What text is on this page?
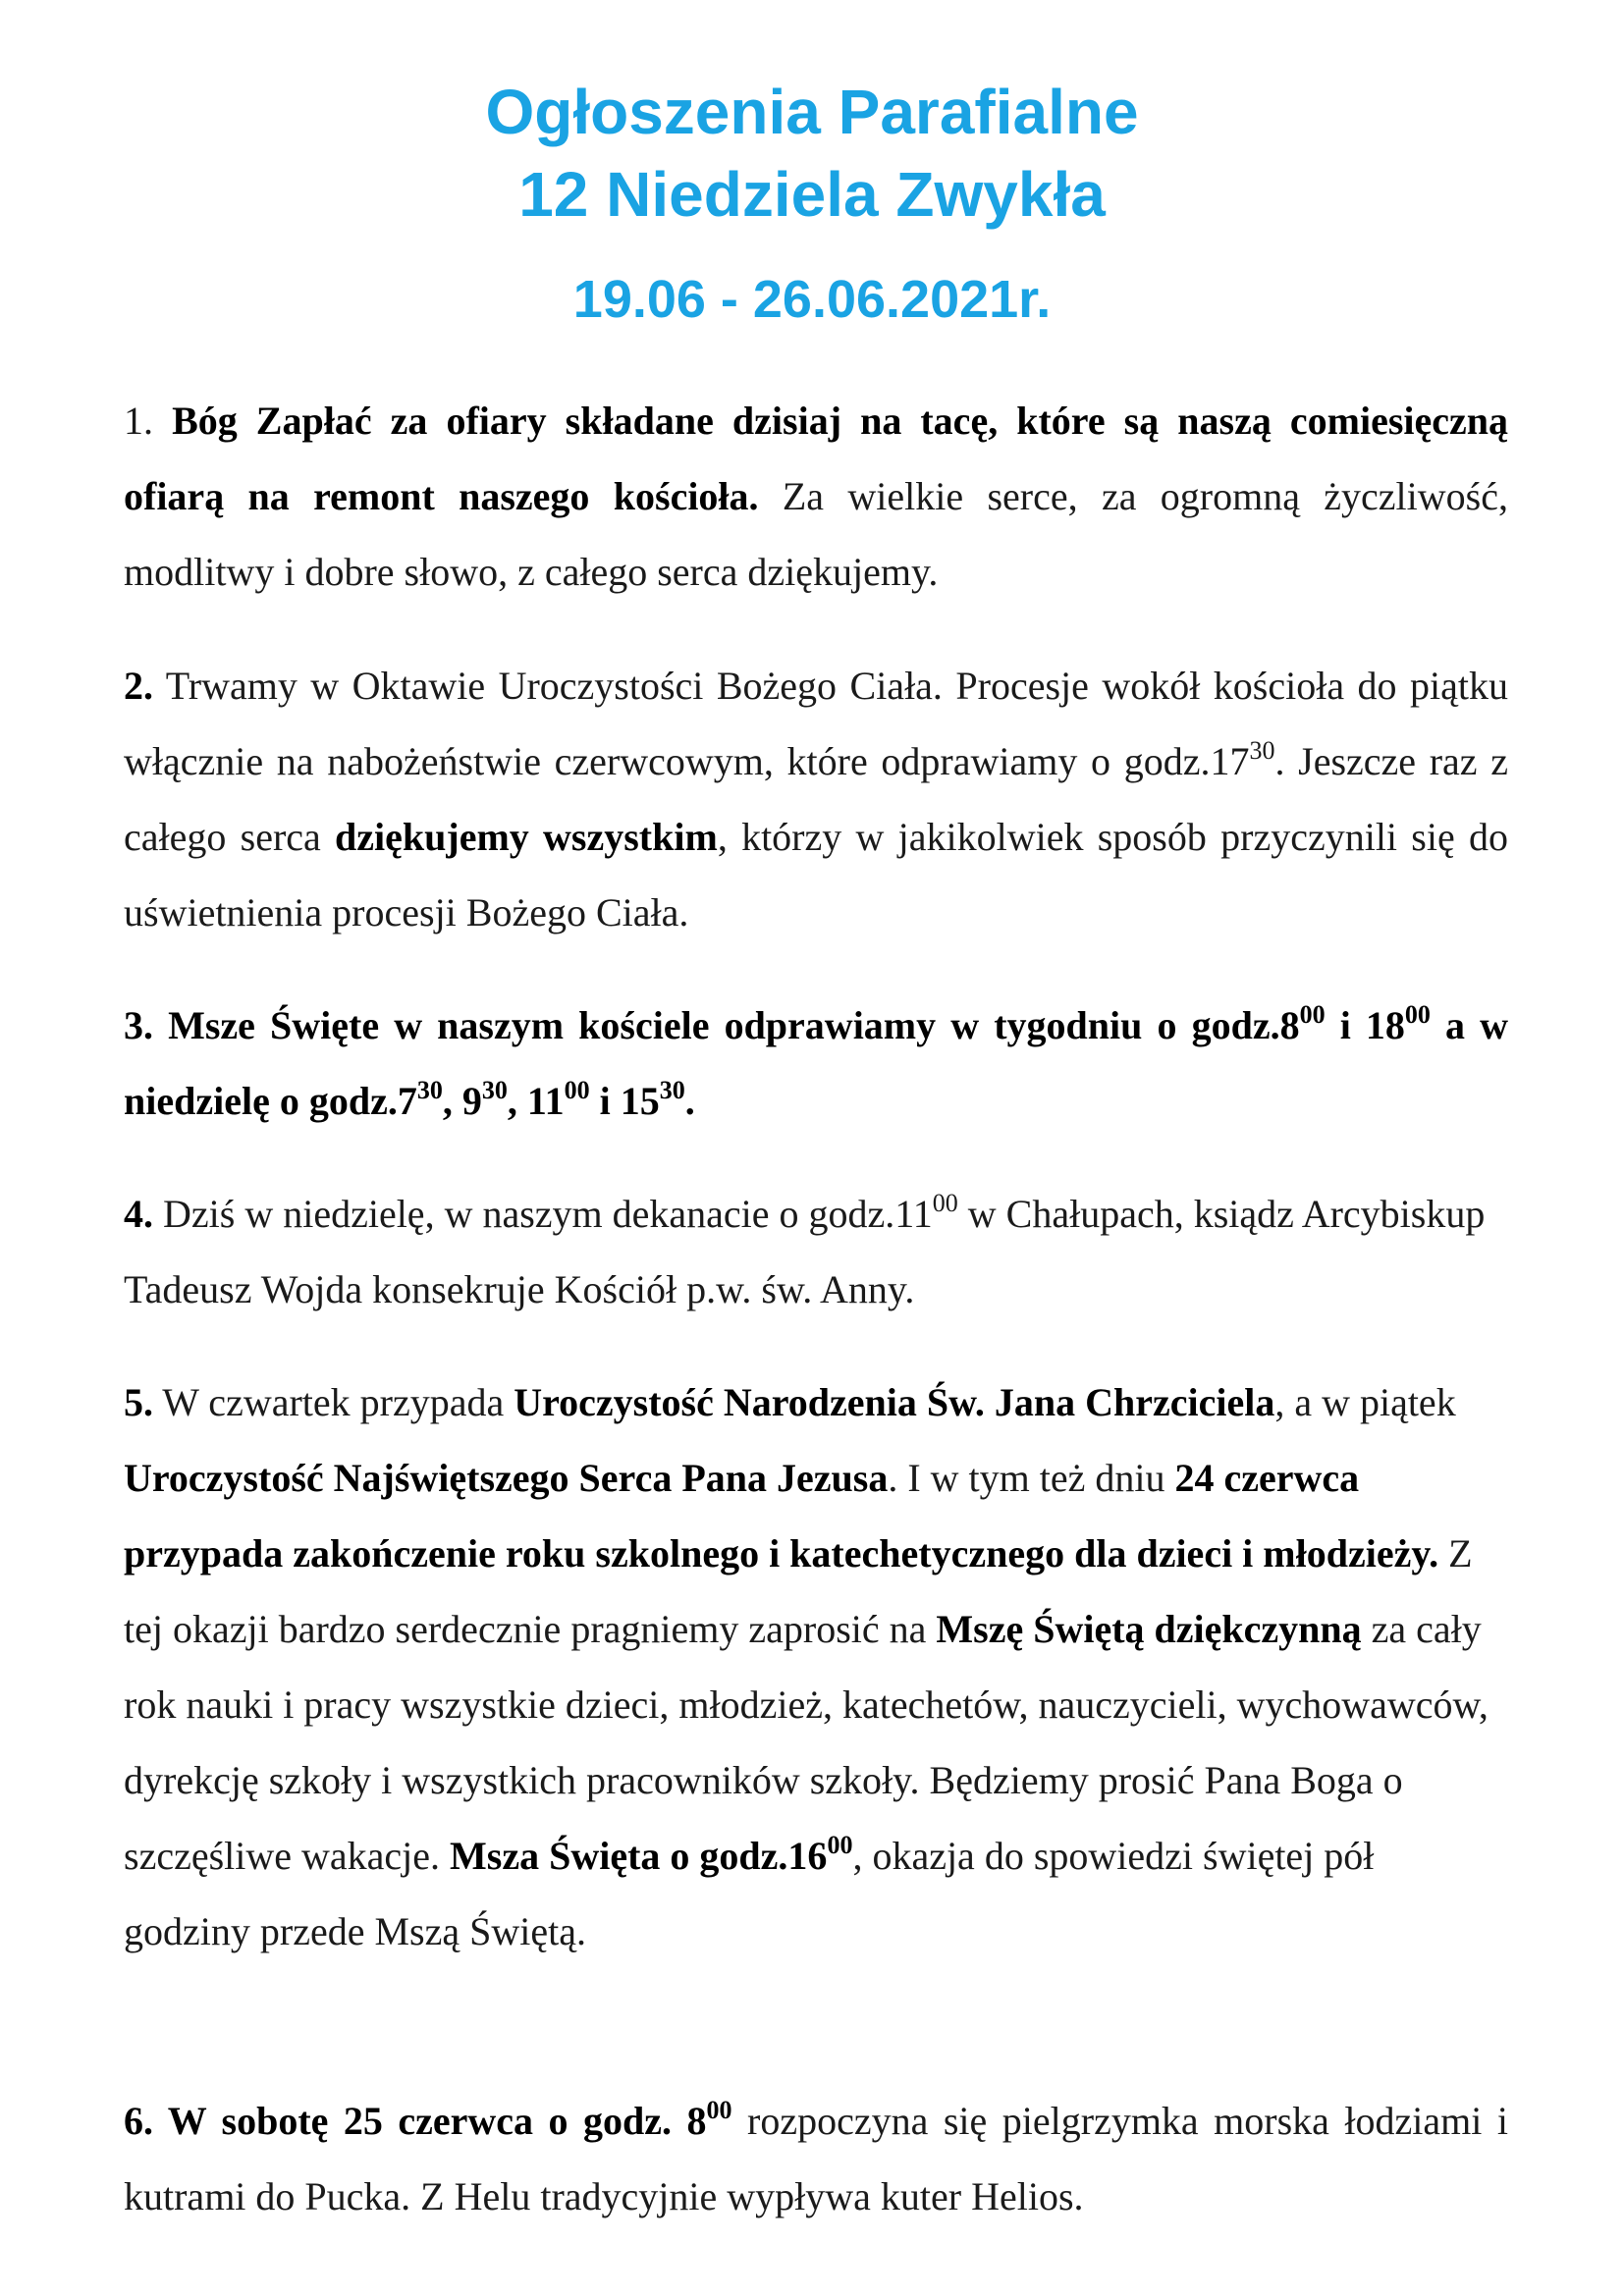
Ogłoszenia Parafialne
12 Niedziela Zwykła
19.06 - 26.06.2021r.

1. Bóg Zapłać za ofiary składane dzisiaj na tacę, które są naszą comiesięczną ofiarą na remont naszego kościoła. Za wielkie serce, za ogromną życzliwość, modlitwy i dobre słowo, z całego serca dziękujemy.

2. Trwamy w Oktawie Uroczystości Bożego Ciała. Procesje wokół kościoła do piątku włącznie na nabożeństwie czerwcowym, które odprawiamy o $godz.17^{30}$. Jeszcze raz z całego serca dziękujemy wszystkim, którzy w jakikolwiek sposób przyczynili się do uświetnienia procesji Bożego Ciała.

3. Msze Święte w naszym kościele odprawiamy w tygodniu o $godz.8^{00}$ i $18^{00}$ a w niedzielę o $godz.7^{30}$, $9^{30}$, $11^{00}$ i $15^{30}$.

4. Dziś w niedzielę, w naszym dekanacie o $godz.11^{00}$ w Chałupach, ksiądz Arcybiskup Tadeusz Wojda konsekruje Kościół p.w. św. Anny.

5. W czwartek przypada Uroczystość Narodzenia Św. Jana Chrzciciela, a w piątek Uroczystość Najświętszego Serca Pana Jezusa. I w tym też dniu 24 czerwca przypada zakończenie roku szkolnego i katechetycznego dla dzieci i młodzieży. Z tej okazji bardzo serdecznie pragniemy zaprosić na Mszę Świętą dziękczynną za cały rok nauki i pracy wszystkie dzieci, młodzież, katechetów, nauczycieli, wychowawców, dyrekcję szkoły i wszystkich pracowników szkoły. Będziemy prosić Pana Boga o szczęśliwe wakacje. Msza Święta o $godz.16^{00}$, okazja do spowiedzi świętej pół godziny przede Mszą Świętą.

6. W sobotę 25 czerwca o godz. $8^{00}$ rozpoczyna się pielgrzymka morska łodziami i kutrami do Pucka. Z Helu tradycyjnie wypływa kuter Helios.
